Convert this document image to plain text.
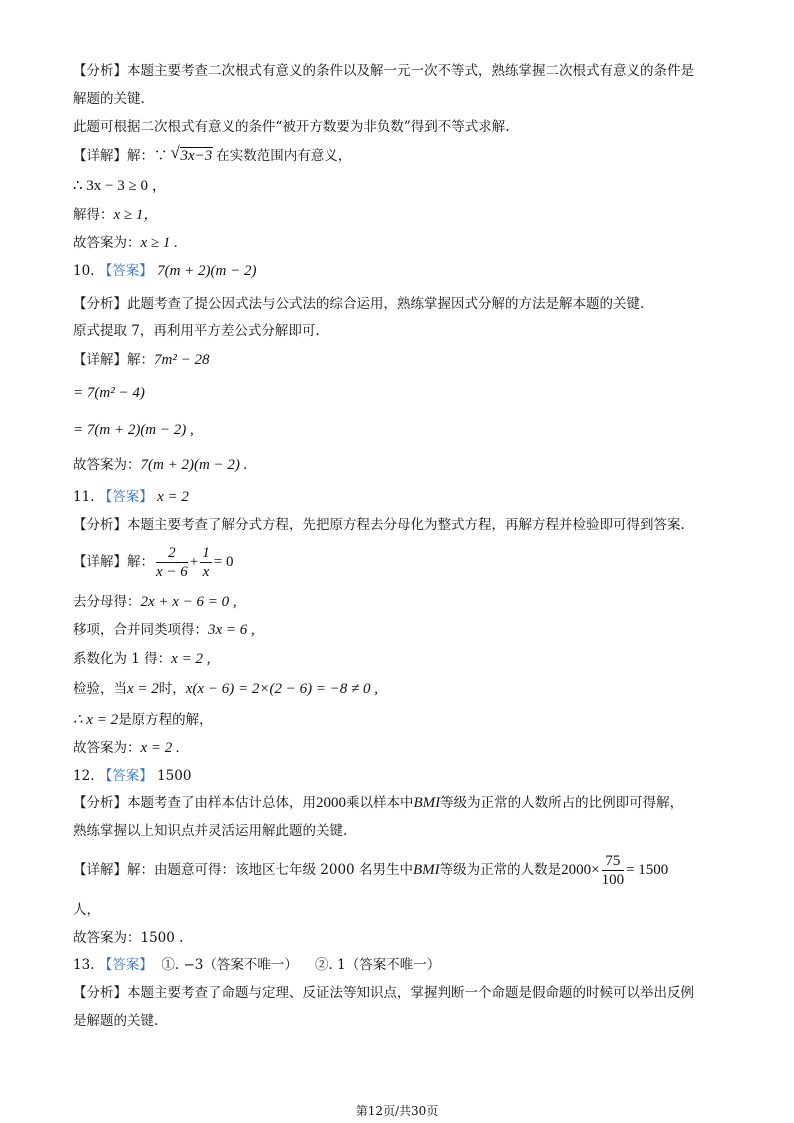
【分析】本题主要考查二次根式有意义的条件以及解一元一次不等式，熟练掌握二次根式有意义的条件是
解题的关键.
此题可根据二次根式有意义的条件“被开方数要为非负数”得到不等式求解.
【详解】解：∵ √ 3x−3 在实数范围内有意义，
∴ 3x − 3 ≥ 0 ，
解得：x ≥ 1，
故答案为：x ≥ 1 .
10. 【答案】 7(m + 2)(m − 2)
【分析】此题考查了提公因式法与公式法的综合运用，熟练掌握因式分解的方法是解本题的关键.
原式提取 7，再利用平方差公式分解即可.
【详解】解：7m² − 28
= 7(m² − 4)
= 7(m + 2)(m − 2) ,
故答案为：7(m + 2)(m − 2) .
11. 【答案】 x = 2
【分析】本题主要考查了解分式方程，先把原方程去分母化为整式方程，再解方程并检验即可得到答案.
【详解】解： $\frac{2}{x - 6} + \frac{1}{x} = 0$
去分母得：2x + x − 6 = 0 ,
移项，合并同类项得：3x = 6 ,
系数化为 1 得：x = 2 ,
检验，当x = 2时，x(x − 6) = 2×(2 − 6) = −8 ≠ 0 ,
∴ x = 2是原方程的解，
故答案为：x = 2 .
12. 【答案】 1500
【分析】本题考查了由样本估计总体，用2000乘以样本中BMI等级为正常的人数所占的比例即可得解，
熟练掌握以上知识点并灵活运用解此题的关键.
【详解】解：由题意可得：该地区七年级 2000 名男生中BMI等级为正常的人数是$2000\times \frac{75}{100} = 1500$
人，
故答案为：1500 .
13. 【答案】 ①. −3（答案不唯一） ②. 1（答案不唯一）
【分析】本题主要考查了命题与定理、反证法等知识点，掌握判断一个命题是假命题的时候可以举出反例
是解题的关键.
第12页/共30页
